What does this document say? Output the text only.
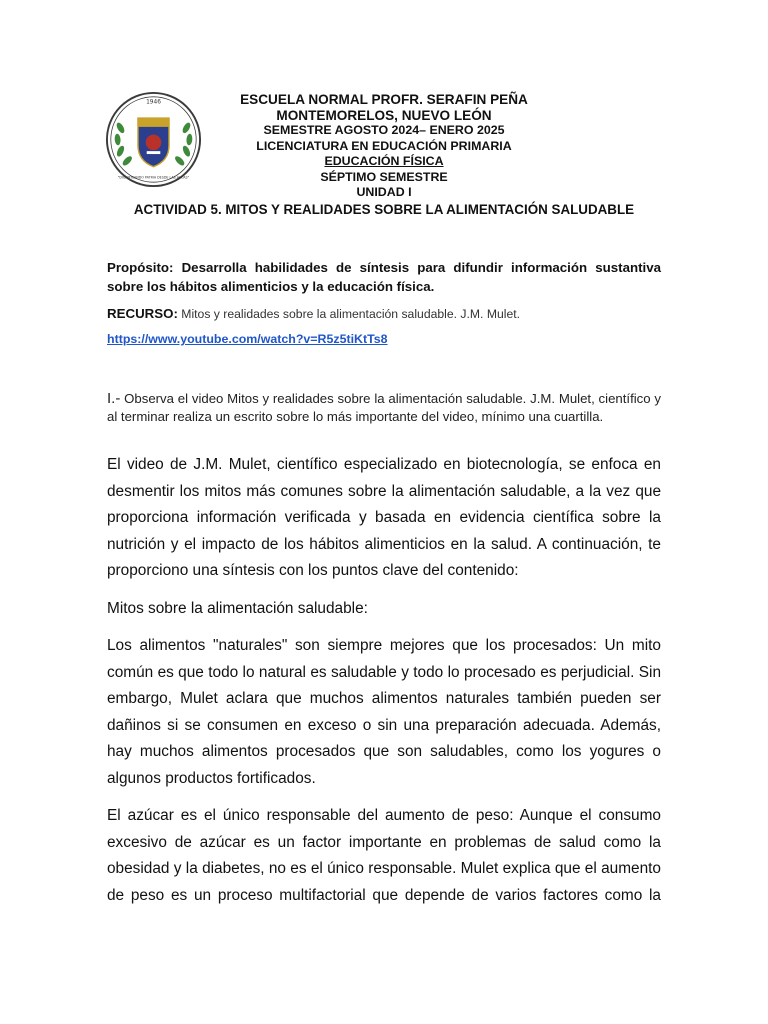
1946
"DIGNIFICANDO PATRIA DESDE LAS AULAS"
ESCUELA NORMAL PROFR. SERAFIN PEÑA
MONTEMORELOS, NUEVO LEÓN
SEMESTRE AGOSTO 2024– ENERO 2025
LICENCIATURA EN EDUCACIÓN PRIMARIA
EDUCACIÓN FÍSICA
SÉPTIMO SEMESTRE
UNIDAD I
ACTIVIDAD 5. MITOS Y REALIDADES SOBRE LA ALIMENTACIÓN SALUDABLE
Propósito: Desarrolla habilidades de síntesis para difundir información sustantiva sobre los hábitos alimenticios y la educación física.
RECURSO: Mitos y realidades sobre la alimentación saludable. J.M. Mulet.
https://www.youtube.com/watch?v=R5z5tiKtTs8
I.- Observa el video Mitos y realidades sobre la alimentación saludable. J.M. Mulet, científico y al terminar realiza un escrito sobre lo más importante del video, mínimo una cuartilla.

El video de J.M. Mulet, científico especializado en biotecnología, se enfoca en desmentir los mitos más comunes sobre la alimentación saludable, a la vez que proporciona información verificada y basada en evidencia científica sobre la nutrición y el impacto de los hábitos alimenticios en la salud. A continuación, te proporciono una síntesis con los puntos clave del contenido:

Mitos sobre la alimentación saludable:

Los alimentos "naturales" son siempre mejores que los procesados: Un mito común es que todo lo natural es saludable y todo lo procesado es perjudicial. Sin embargo, Mulet aclara que muchos alimentos naturales también pueden ser dañinos si se consumen en exceso o sin una preparación adecuada. Además, hay muchos alimentos procesados que son saludables, como los yogures o algunos productos fortificados.

El azúcar es el único responsable del aumento de peso: Aunque el consumo excesivo de azúcar es un factor importante en problemas de salud como la obesidad y la diabetes, no es el único responsable. Mulet explica que el aumento de peso es un proceso multifactorial que depende de varios factores como la
